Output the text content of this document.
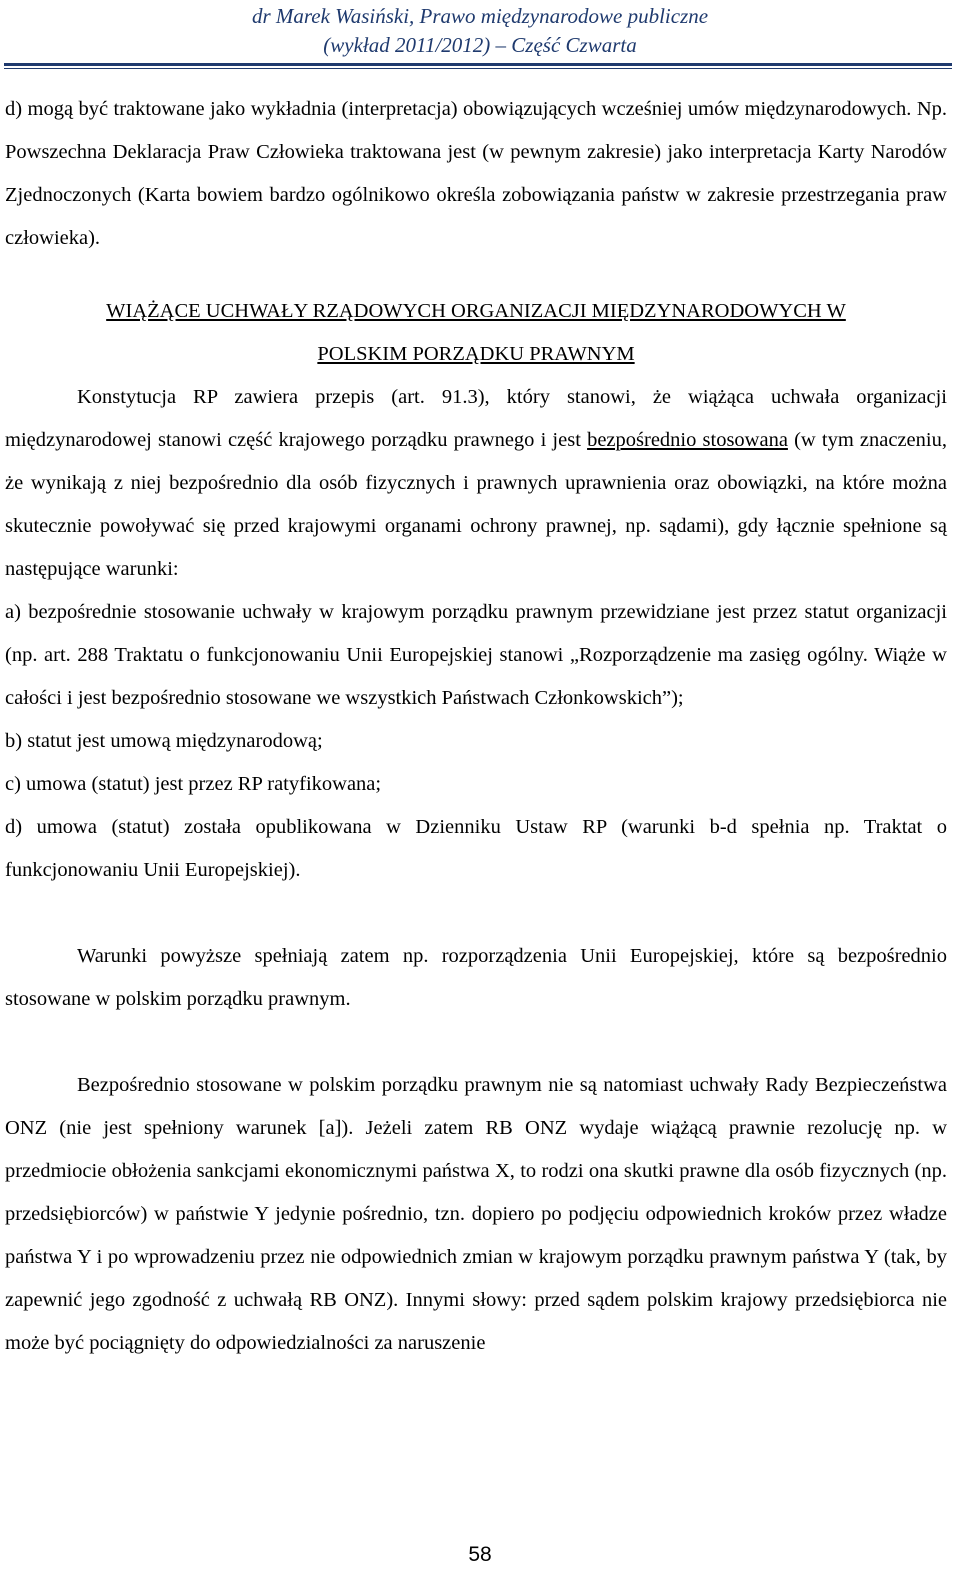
dr Marek Wasiński, Prawo międzynarodowe publiczne
(wykład 2011/2012) – Część Czwarta

d) mogą być traktowane jako wykładnia (interpretacja) obowiązujących wcześniej umów międzynarodowych. Np. Powszechna Deklaracja Praw Człowieka traktowana jest (w pewnym zakresie) jako interpretacja Karty Narodów Zjednoczonych (Karta bowiem bardzo ogólnikowo określa zobowiązania państw w zakresie przestrzegania praw człowieka).

WIĄŻĄCE UCHWAŁY RZĄDOWYCH ORGANIZACJI MIĘDZYNARODOWYCH W
POLSKIM PORZĄDKU PRAWNYM

Konstytucja RP zawiera przepis (art. 91.3), który stanowi, że wiążąca uchwała organizacji międzynarodowej stanowi część krajowego porządku prawnego i jest bezpośrednio stosowana (w tym znaczeniu, że wynikają z niej bezpośrednio dla osób fizycznych i prawnych uprawnienia oraz obowiązki, na które można skutecznie powoływać się przed krajowymi organami ochrony prawnej, np. sądami), gdy łącznie spełnione są następujące warunki:

a) bezpośrednie stosowanie uchwały w krajowym porządku prawnym przewidziane jest przez statut organizacji (np. art. 288 Traktatu o funkcjonowaniu Unii Europejskiej stanowi „Rozporządzenie ma zasięg ogólny. Wiąże w całości i jest bezpośrednio stosowane we wszystkich Państwach Członkowskich”);

b) statut jest umową międzynarodową;

c) umowa (statut) jest przez RP ratyfikowana;

d) umowa (statut) została opublikowana w Dzienniku Ustaw RP (warunki b-d spełnia np. Traktat o funkcjonowaniu Unii Europejskiej).

Warunki powyższe spełniają zatem np. rozporządzenia Unii Europejskiej, które są bezpośrednio stosowane w polskim porządku prawnym.

Bezpośrednio stosowane w polskim porządku prawnym nie są natomiast uchwały Rady Bezpieczeństwa ONZ (nie jest spełniony warunek [a]). Jeżeli zatem RB ONZ wydaje wiążącą prawnie rezolucję np. w przedmiocie obłożenia sankcjami ekonomicznymi państwa X, to rodzi ona skutki prawne dla osób fizycznych (np. przedsiębiorców) w państwie Y jedynie pośrednio, tzn. dopiero po podjęciu odpowiednich kroków przez władze państwa Y i po wprowadzeniu przez nie odpowiednich zmian w krajowym porządku prawnym państwa Y (tak, by zapewnić jego zgodność z uchwałą RB ONZ). Innymi słowy: przed sądem polskim krajowy przedsiębiorca nie może być pociągnięty do odpowiedzialności za naruszenie

58
